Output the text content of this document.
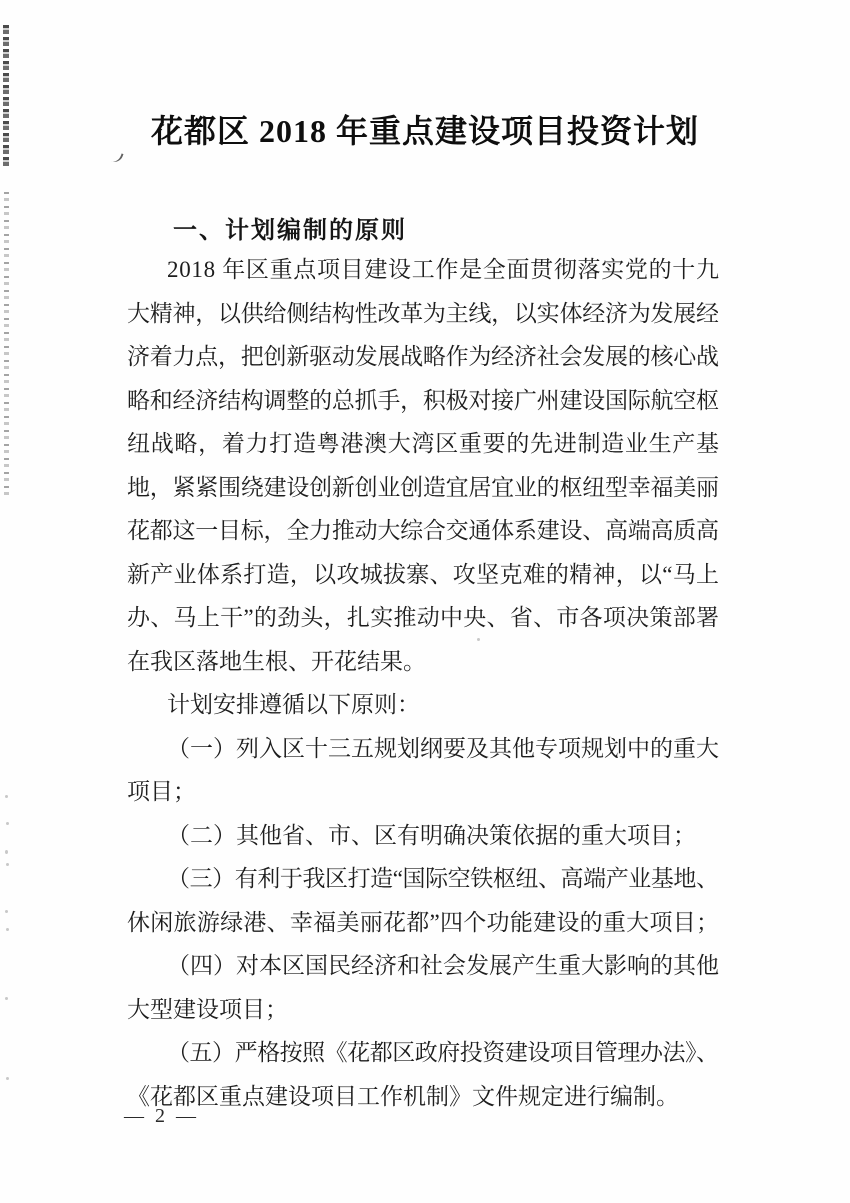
花都区 2018 年重点建设项目投资计划
一、计划编制的原则
2018 年区重点项目建设工作是全面贯彻落实党的十九
大精神，以供给侧结构性改革为主线，以实体经济为发展经
济着力点，把创新驱动发展战略作为经济社会发展的核心战
略和经济结构调整的总抓手，积极对接广州建设国际航空枢
纽战略，着力打造粤港澳大湾区重要的先进制造业生产基
地，紧紧围绕建设创新创业创造宜居宜业的枢纽型幸福美丽
花都这一目标，全力推动大综合交通体系建设、高端高质高
新产业体系打造，以攻城拔寨、攻坚克难的精神，以“马上
办、马上干”的劲头，扎实推动中央、省、市各项决策部署
在我区落地生根、开花结果。
计划安排遵循以下原则：
（一）列入区十三五规划纲要及其他专项规划中的重大
项目；
（二）其他省、市、区有明确决策依据的重大项目；
（三）有利于我区打造“国际空铁枢纽、高端产业基地、
休闲旅游绿港、幸福美丽花都”四个功能建设的重大项目；
（四）对本区国民经济和社会发展产生重大影响的其他
大型建设项目；
（五）严格按照《花都区政府投资建设项目管理办法》、
《花都区重点建设项目工作机制》文件规定进行编制。
— 2 —
